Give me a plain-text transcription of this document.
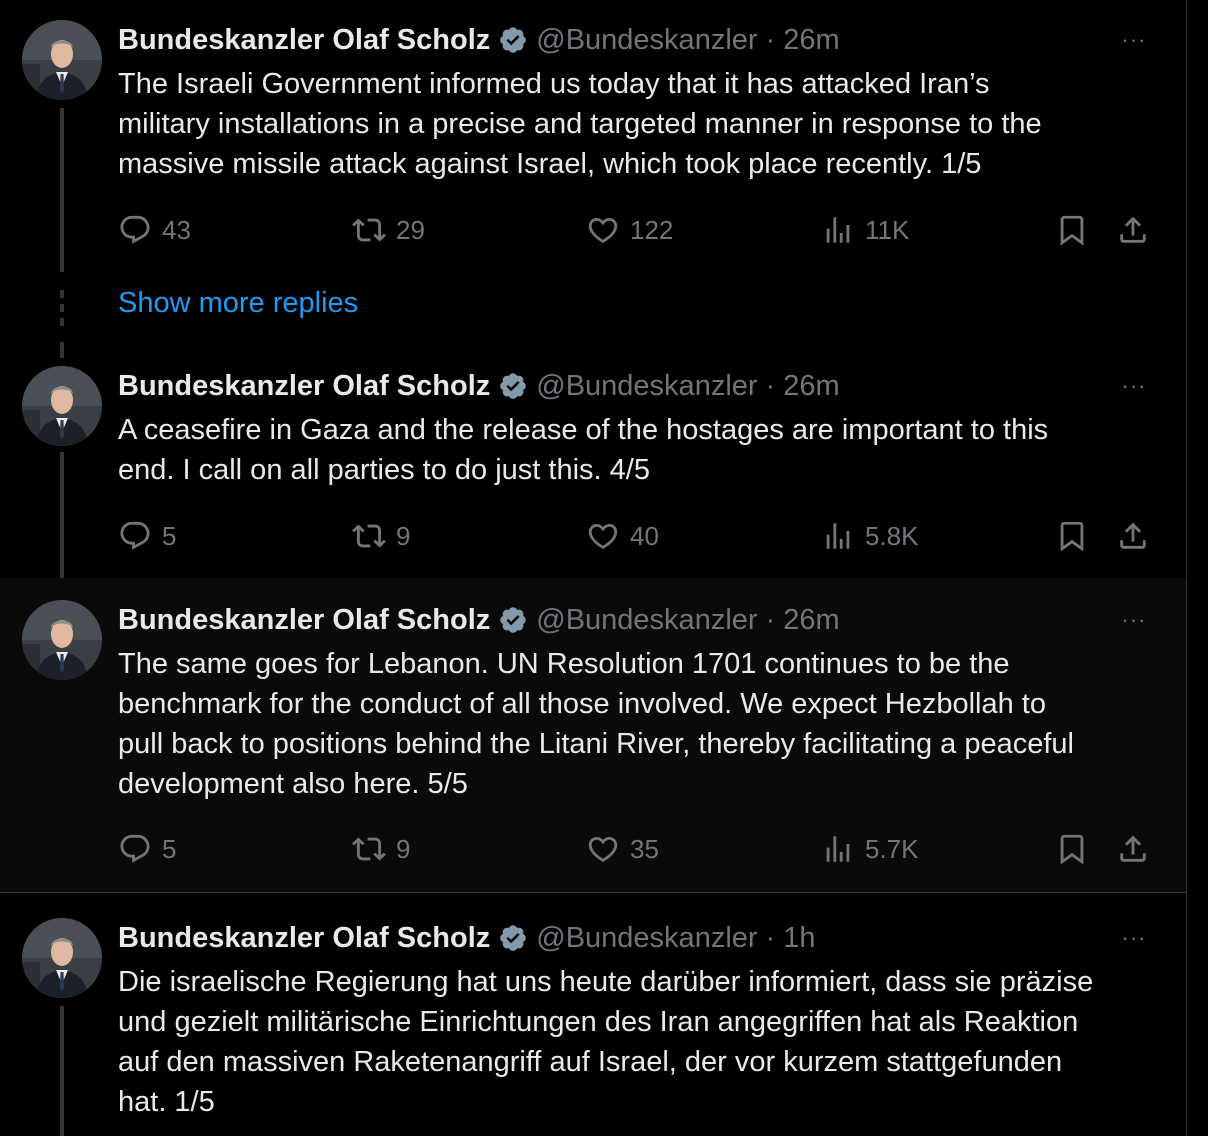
Bundeskanzler Olaf Scholz @Bundeskanzler · 26m	···
The Israeli Government informed us today that it has attacked Iran’s
military installations in a precise and targeted manner in response to the
massive missile attack against Israel, which took place recently. 1/5
43	29	122	11K
Show more replies
Bundeskanzler Olaf Scholz @Bundeskanzler · 26m	···
A ceasefire in Gaza and the release of the hostages are important to this
end. I call on all parties to do just this. 4/5
5	9	40	5.8K
Bundeskanzler Olaf Scholz @Bundeskanzler · 26m	···
The same goes for Lebanon. UN Resolution 1701 continues to be the
benchmark for the conduct of all those involved. We expect Hezbollah to
pull back to positions behind the Litani River, thereby facilitating a peaceful
development also here. 5/5
5	9	35	5.7K
Bundeskanzler Olaf Scholz @Bundeskanzler · 1h	···
Die israelische Regierung hat uns heute darüber informiert, dass sie präzise
und gezielt militärische Einrichtungen des Iran angegriffen hat als Reaktion
auf den massiven Raketenangriff auf Israel, der vor kurzem stattgefunden
hat. 1/5
